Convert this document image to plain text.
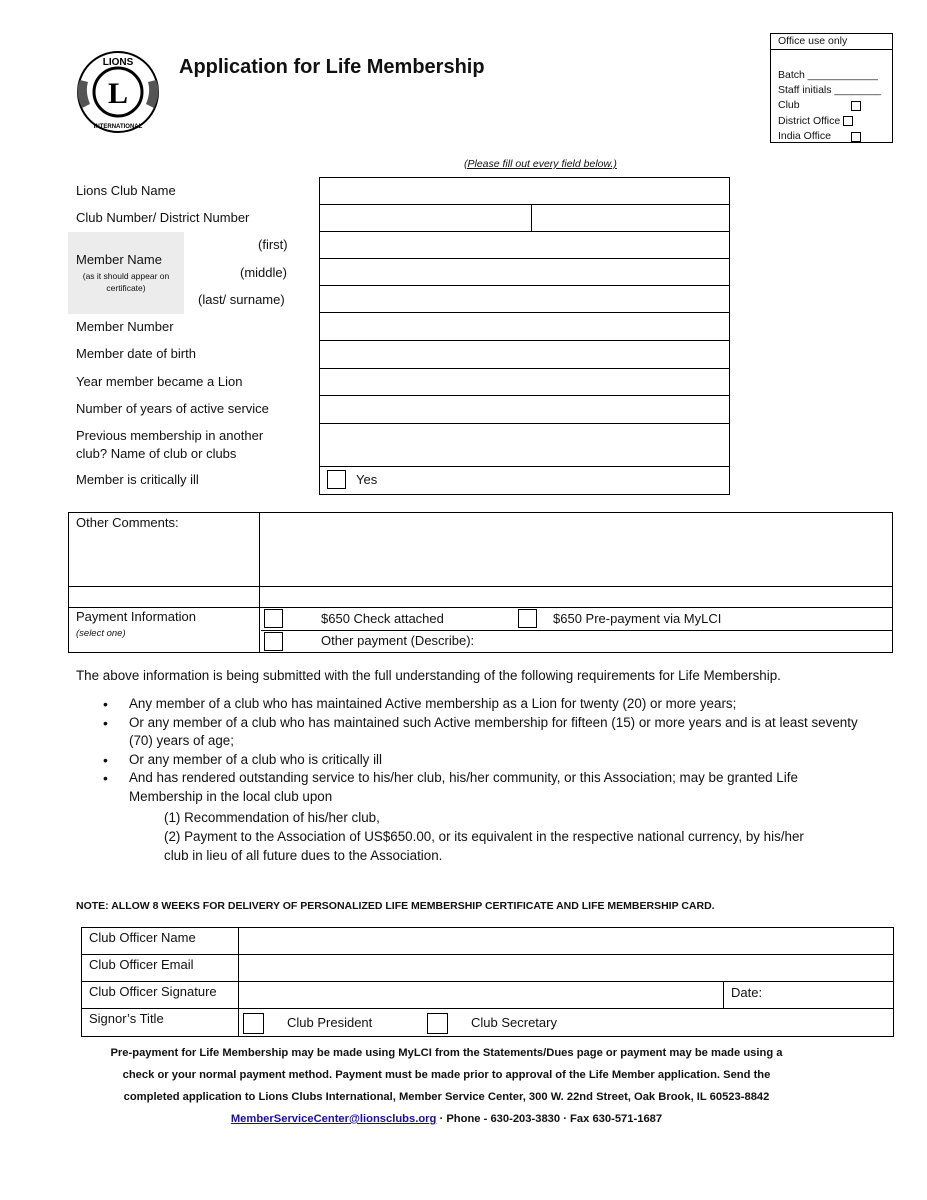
L
LIONS
INTERNATIONAL
Application for Life Membership
Office use only
Batch ____________
Staff initials ________
Club
District Office
India Office
(Please fill out every field below.)
Lions Club Name
Club Number/ District Number
Member Name
(as it should appear on certificate)
(first)
(middle)
(last/ surname)
Member Number
Member date of birth
Year member became a Lion
Number of years of active service
Previous membership in another
club? Name of club or clubs
Member is critically ill	Yes
Other Comments:
Payment Information
(select one)
$650 Check attached	$650 Pre-payment via MyLCI
Other payment (Describe):
The above information is being submitted with the full understanding of the following requirements for Life Membership.
• Any member of a club who has maintained Active membership as a Lion for twenty (20) or more years;
• Or any member of a club who has maintained such Active membership for fifteen (15) or more years and is at least seventy (70) years of age;
• Or any member of a club who is critically ill
• And has rendered outstanding service to his/her club, his/her community, or this Association; may be granted Life Membership in the local club upon
(1) Recommendation of his/her club,
(2) Payment to the Association of US$650.00, or its equivalent in the respective national currency, by his/her
club in lieu of all future dues to the Association.
NOTE: ALLOW 8 WEEKS FOR DELIVERY OF PERSONALIZED LIFE MEMBERSHIP CERTIFICATE AND LIFE MEMBERSHIP CARD.
Club Officer Name
Club Officer Email
Club Officer Signature	Date:
Signor’s Title	Club President	Club Secretary
Pre-payment for Life Membership may be made using MyLCI from the Statements/Dues page or payment may be made using a
check or your normal payment method. Payment must be made prior to approval of the Life Member application. Send the
completed application to Lions Clubs International, Member Service Center, 300 W. 22nd Street, Oak Brook, IL 60523-8842
MemberServiceCenter@lionsclubs.org · Phone - 630-203-3830 · Fax 630-571-1687
